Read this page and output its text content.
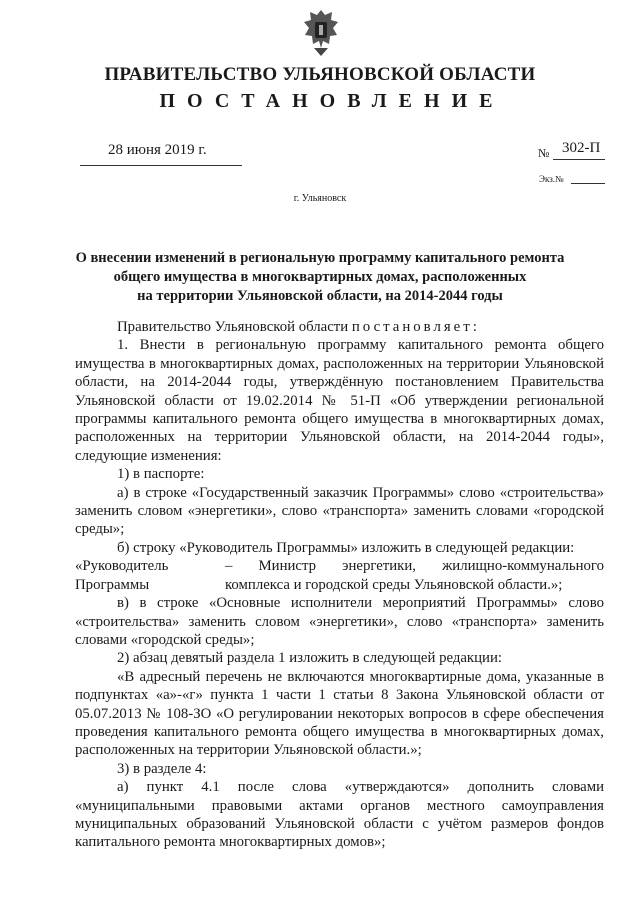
ПРАВИТЕЛЬСТВО УЛЬЯНОВСКОЙ ОБЛАСТИ
ПОСТАНОВЛЕНИЕ
28 июня 2019 г.	№ 302-П
Экз.№
г. Ульяновск
О внесении изменений в региональную программу капитального ремонта
общего имущества в многоквартирных домах, расположенных
на территории Ульяновской области, на 2014-2044 годы

Правительство Ульяновской области постановляет:

1. Внести в региональную программу капитального ремонта общего имущества в многоквартирных домах, расположенных на территории Ульяновской области, на 2014-2044 годы, утверждённую постановлением Правительства Ульяновской области от 19.02.2014 № 51-П «Об утверждении региональной программы капитального ремонта общего имущества в многоквартирных домах, расположенных на территории Ульяновской области, на 2014-2044 годы», следующие изменения:

1) в паспорте:

а) в строке «Государственный заказчик Программы» слово «строительства» заменить словом «энергетики», слово «транспорта» заменить словами «городской среды»;

б) строку «Руководитель Программы» изложить в следующей редакции:

«Руководитель Программы
– Министр энергетики, жилищно-коммунального комплекса и городской среды Ульяновской области.»;

в) в строке «Основные исполнители мероприятий Программы» слово «строительства» заменить словом «энергетики», слово «транспорта» заменить словами «городской среды»;

2) абзац девятый раздела 1 изложить в следующей редакции:

«В адресный перечень не включаются многоквартирные дома, указанные в подпунктах «а»-«г» пункта 1 части 1 статьи 8 Закона Ульяновской области от 05.07.2013 № 108-ЗО «О регулировании некоторых вопросов в сфере обеспечения проведения капитального ремонта общего имущества в многоквартирных домах, расположенных на территории Ульяновской области.»;

3) в разделе 4:

а) пункт 4.1 после слова «утверждаются» дополнить словами «муниципальными правовыми актами органов местного самоуправления муниципальных образований Ульяновской области с учётом размеров фондов капитального ремонта многоквартирных домов»;
